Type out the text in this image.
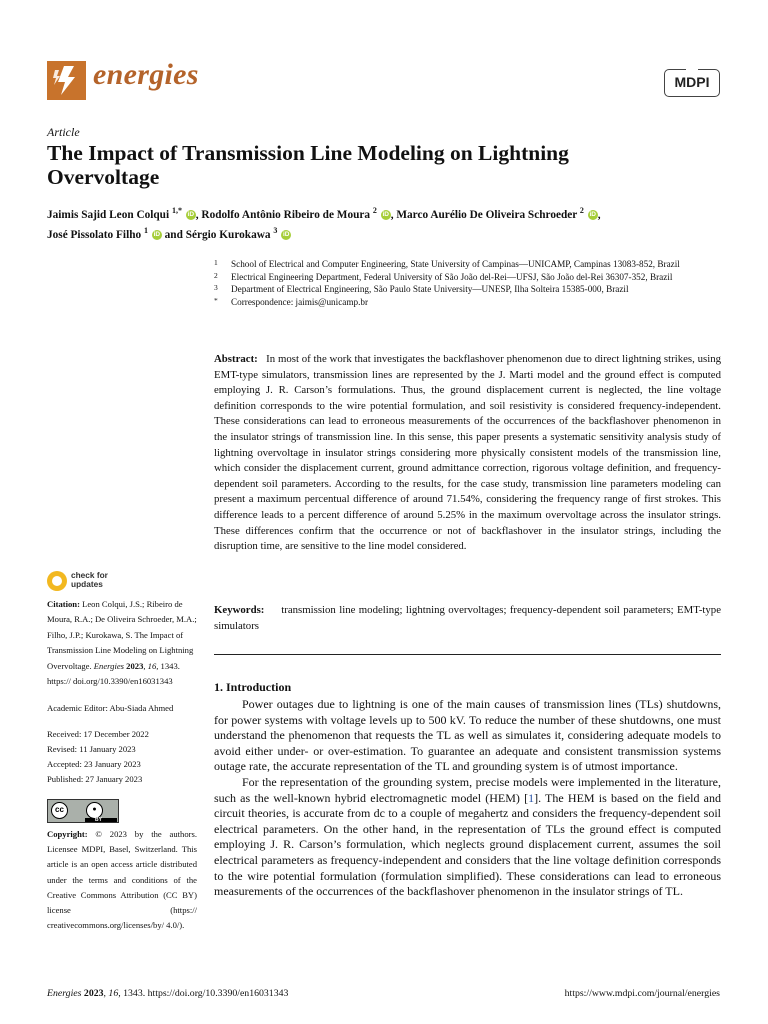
energies	MDPI
Article
The Impact of Transmission Line Modeling on Lightning Overvoltage
Jaimis Sajid Leon Colqui $^{1,*}$ iD , Rodolfo Antônio Ribeiro de Moura $^2$ iD , Marco Aurélio De Oliveira Schroeder $^2$ iD ,
José Pissolato Filho $^1$ iD and Sérgio Kurokawa $^3$ iD
1 School of Electrical and Computer Engineering, State University of Campinas—UNICAMP, Campinas 13083-852, Brazil
2 Electrical Engineering Department, Federal University of São João del-Rei—UFSJ, São João del-Rei 36307-352, Brazil
3 Department of Electrical Engineering, São Paulo State University—UNESP, Ilha Solteira 15385-000, Brazil
* Correspondence: jaimis@unicamp.br
Abstract: In most of the work that investigates the backflashover phenomenon due to direct lightning strikes, using EMT-type simulators, transmission lines are represented by the J. Marti model and the ground effect is computed employing J. R. Carson’s formulations. Thus, the ground displacement current is neglected, the line voltage definition corresponds to the wire potential formulation, and soil resistivity is considered frequency-independent. These considerations can lead to erroneous measurements of the occurrences of the backflashover phenomenon in the insulator strings of transmission line. In this sense, this paper presents a systematic sensitivity analysis study of lightning overvoltage in insulator strings considering more physically consistent models of the transmission line, which consider the displacement current, ground admittance correction, rigorous voltage definition, and frequency-dependent soil parameters. According to the results, for the case study, transmission line parameters modeling can present a maximum percentual difference of around 71.54%, considering the frequency range of first strokes. This difference leads to a percent difference of around 5.25% in the maximum overvoltage across the insulator strings. These differences confirm that the occurrence or not of backflashover in the insulator strings, including the disruption time, are sensitive to the line model considered.
Keywords: transmission line modeling; lightning overvoltages; frequency-dependent soil parameters; EMT-type simulators
1. Introduction

Power outages due to lightning is one of the main causes of transmission lines (TLs) shutdowns, for power systems with voltage levels up to 500 kV. To reduce the number of these shutdowns, one must understand the phenomenon that requests the TL as well as simulates it, considering adequate models to avoid either under- or over-estimation. To guarantee an adequate and consistent transmission systems outage rate, the accurate representation of the TL and grounding system is of utmost importance.

For the representation of the grounding system, precise models were implemented in the literature, such as the well-known hybrid electromagnetic model (HEM) [1]. The HEM is based on the field and circuit theories, is accurate from dc to a couple of megahertz and considers the frequency-dependent soil electrical parameters. On the other hand, in the representation of TLs the ground effect is computed employing J. R. Carson’s formulation, which neglects ground displacement current, assumes the soil electrical parameters as frequency-independent and considers that the line voltage definition corresponds to the wire potential formulation (formulation simplified). These considerations can lead to erroneous measurements of the occurrences of the backflashover phenomenon in the insulator strings of TL.

check for
updates
Citation: Leon Colqui, J.S.; Ribeiro de Moura, R.A.; De Oliveira Schroeder, M.A.; Filho, J.P.; Kurokawa, S. The Impact of Transmission Line Modeling on Lightning Overvoltage. Energies 2023, 16, 1343. https:// doi.org/10.3390/en16031343
Academic Editor: Abu-Siada Ahmed
Received: 17 December 2022
Revised: 11 January 2023
Accepted: 23 January 2023
Published: 27 January 2023
cc	●
BY
Copyright: © 2023 by the authors. Licensee MDPI, Basel, Switzerland. This article is an open access article distributed under the terms and conditions of the Creative Commons Attribution (CC BY) license (https:// creativecommons.org/licenses/by/ 4.0/).
Energies 2023, 16, 1343. https://doi.org/10.3390/en16031343	https://www.mdpi.com/journal/energies
